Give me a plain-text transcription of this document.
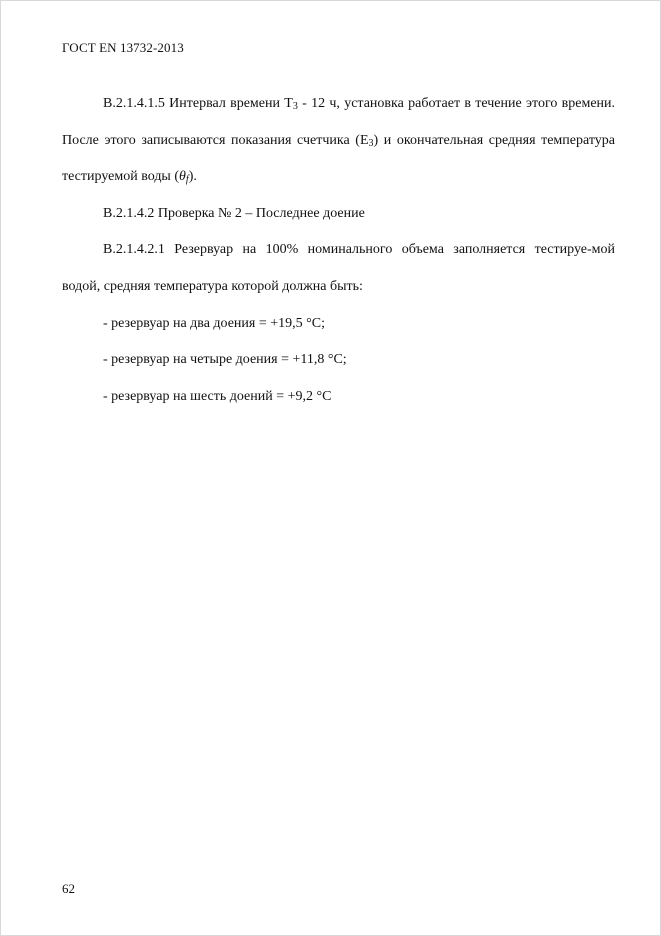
ГОСТ EN 13732-2013

В.2.1.4.1.5 Интервал времени $Т_3 - 12$ ч, установка работает в течение этого времени. После этого записываются показания счетчика $(Е_3)$ и окончательная средняя температура тестируемой воды $(\theta_f)$.

В.2.1.4.2 Проверка № 2 – Последнее доение

В.2.1.4.2.1 Резервуар на 100% номинального объема заполняется тестируе-мой водой, средняя температура которой должна быть:

- резервуар на два доения = +19,5 °С;

- резервуар на четыре доения = +11,8 °С;

- резервуар на шесть доений = +9,2 °С

62
